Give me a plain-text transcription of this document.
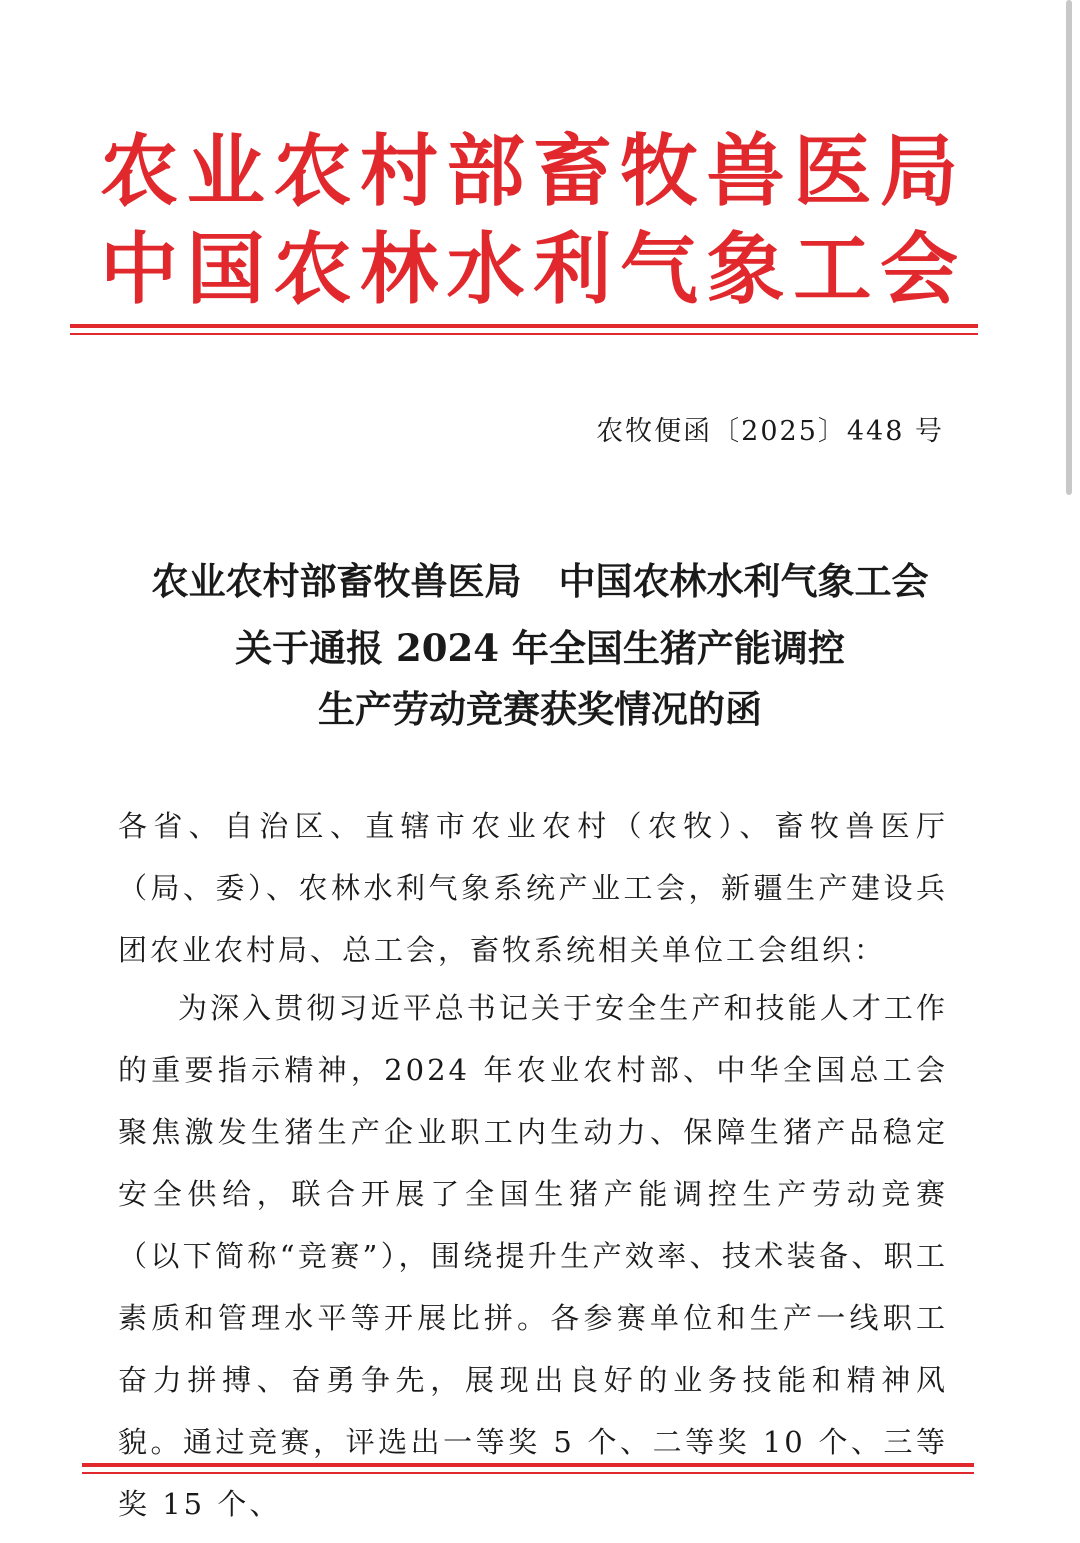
农业农村部畜牧兽医局
中国农林水利气象工会
农牧便函〔2025〕448 号
农业农村部畜牧兽医局　中国农林水利气象工会
关于通报 2024 年全国生猪产能调控
生产劳动竞赛获奖情况的函
各省、自治区、直辖市农业农村（农牧）、畜牧兽医厅（局、委）、农林水利气象系统产业工会，新疆生产建设兵团农业农村局、总工会，畜牧系统相关单位工会组织：
为深入贯彻习近平总书记关于安全生产和技能人才工作的重要指示精神，2024 年农业农村部、中华全国总工会聚焦激发生猪生产企业职工内生动力、保障生猪产品稳定安全供给，联合开展了全国生猪产能调控生产劳动竞赛（以下简称“竞赛”），围绕提升生产效率、技术装备、职工素质和管理水平等开展比拼。各参赛单位和生产一线职工奋力拼搏、奋勇争先，展现出良好的业务技能和精神风貌。通过竞赛，评选出一等奖 5 个、二等奖 10 个、三等奖 15 个、
